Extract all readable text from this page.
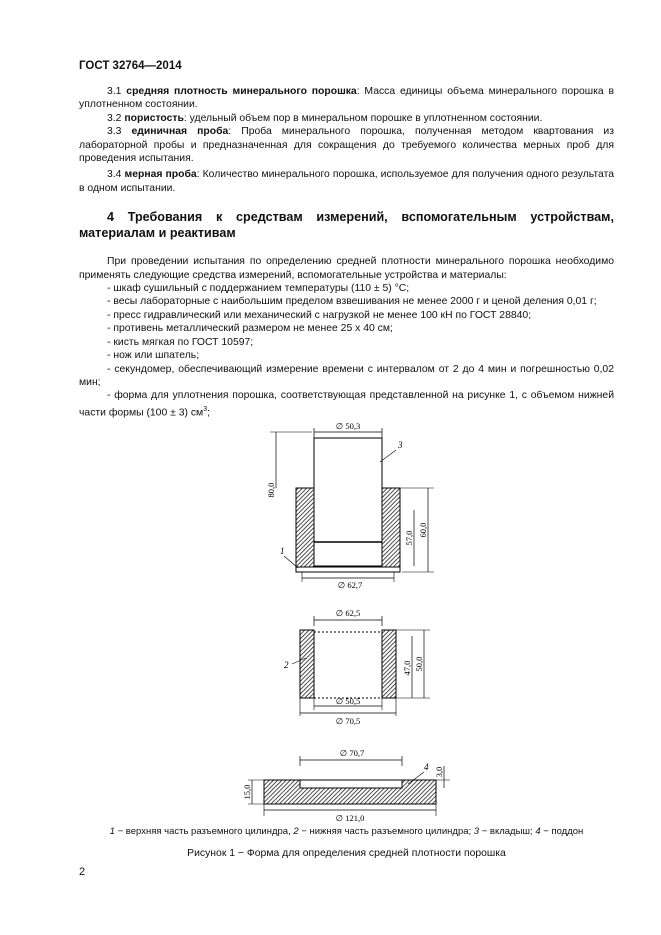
ГОСТ 32764—2014

3.1 средняя плотность минерального порошка: Масса единицы объема минерального порошка в уплотненном состоянии.

3.2 пористость: удельный объем пор в минеральном порошке в уплотненном состоянии.

3.3 единичная проба: Проба минерального порошка, полученная методом квартования из лабораторной пробы и предназначенная для сокращения до требуемого количества мерных проб для проведения испытания.

3.4 мерная проба: Количество минерального порошка, используемое для получения одного результата в одном испытании.

4 Требования к средствам измерений, вспомогательным устройствам, материалам и реактивам

При проведении испытания по определению средней плотности минерального порошка необходимо применять следующие средства измерений, вспомогательные устройства и материалы:

- шкаф сушильный с поддержанием температуры (110 ± 5) °С;

- весы лабораторные с наибольшим пределом взвешивания не менее 2000 г и ценой деления 0,01 г;

- пресс гидравлический или механический с нагрузкой не менее 100 кН по ГОСТ 28840;

- противень металлический размером не менее 25 х 40 см;

- кисть мягкая по ГОСТ 10597;

- нож или шпатель;

- секундомер, обеспечивающий измерение времени с интервалом от 2 до 4 мин и погрешностью 0,02 мин;

- форма для уплотнения порошка, соответствующая представленной на рисунке 1, с объемом нижней части формы (100 ± 3) $см^3$;

∅ 50,3
80,0
∅ 62,7
57,0
60,0
3
1
∅ 62,5
∅ 50,5
∅ 70,5
47,0 50,0
2
∅ 70,7
∅ 121,0
15,0
3,0
4
1 − верхняя часть разъемного цилиндра, 2 − нижняя часть разъемного цилиндра; 3 − вкладыш; 4 − поддон
Рисунок 1 − Форма для определения средней плотности порошка
2
